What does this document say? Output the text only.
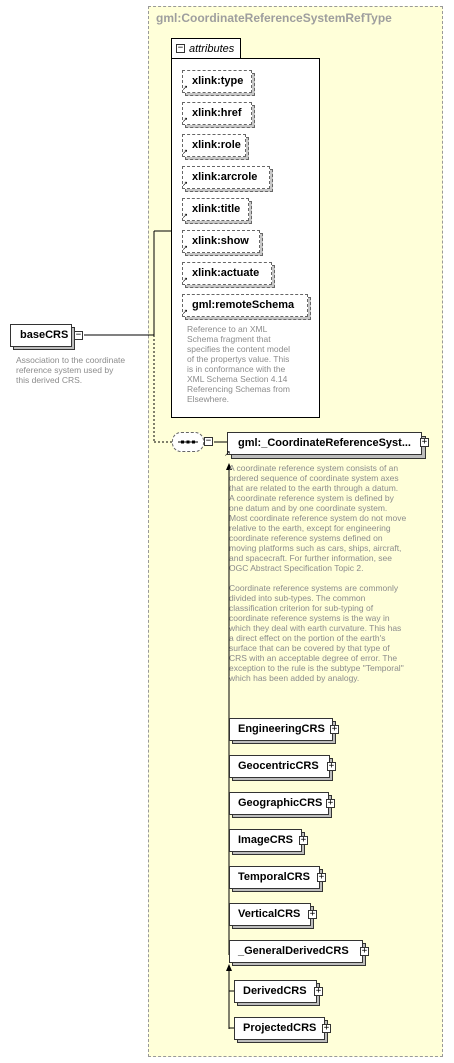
gml:CoordinateReferenceSystemRefType
− attributes
xlink:type
↗
xlink:href
↗
xlink:role
↗
xlink:arcrole
↗
xlink:title
↗
xlink:show
↗
xlink:actuate
↗
gml:remoteSchema
↗
Reference to an XML
Schema fragment that
specifies the content model
of the propertys value. This
is in conformance with the
XML Schema Section 4.14
Referencing Schemas from
Elsewhere.
baseCRS −
Association to the coordinate
reference system used by
this derived CRS.
−	gml:_CoordinateReferenceSyst...
↗
+
A coordinate reference system consists of an
ordered sequence of coordinate system axes
that are related to the earth through a datum.
A coordinate reference system is defined by
one datum and by one coordinate system.
Most coordinate reference system do not move
relative to the earth, except for engineering
coordinate reference systems defined on
moving platforms such as cars, ships, aircraft,
and spacecraft. For further information, see
OGC Abstract Specification Topic 2.

Coordinate reference systems are commonly
divided into sub-types. The common
classification criterion for sub-typing of
coordinate reference systems is the way in
which they deal with earth curvature. This has
a direct effect on the portion of the earth's
surface that can be covered by that type of
CRS with an acceptable degree of error. The
exception to the rule is the subtype "Temporal"
which has been added by analogy.
EngineeringCRS +
GeocentricCRS	+
GeographicCRS +
ImageCRS +
TemporalCRS +
VerticalCRS	+
_GeneralDerivedCRS	+
DerivedCRS	+
ProjectedCRS +
